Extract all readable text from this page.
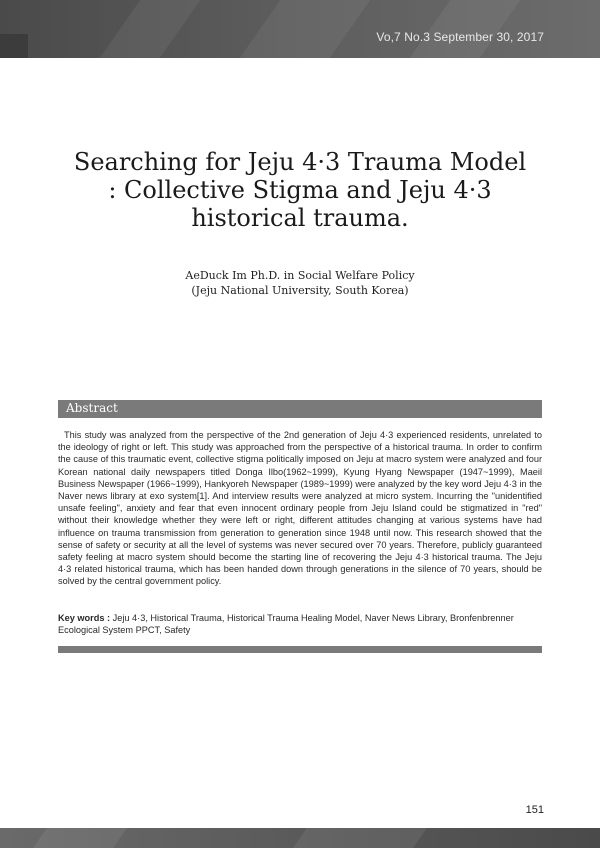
Vo,7 No.3 September 30, 2017
Searching for Jeju 4·3 Trauma Model
: Collective Stigma and Jeju 4·3
historical trauma.
AeDuck Im Ph.D. in Social Welfare Policy
(Jeju National University, South Korea)
Abstract

This study was analyzed from the perspective of the 2nd generation of Jeju 4·3 experienced residents, unrelated to the ideology of right or left. This study was approached from the perspective of a historical trauma. In order to confirm the cause of this traumatic event, collective stigma politically imposed on Jeju at macro system were analyzed and four Korean national daily newspapers titled Donga Ilbo(1962~1999), Kyung Hyang Newspaper (1947~1999), Maeil Business Newspaper (1966~1999), Hankyoreh Newspaper (1989~1999) were analyzed by the key word Jeju 4·3 in the Naver news library at exo system[1]. And interview results were analyzed at micro system. Incurring the "unidentified unsafe feeling", anxiety and fear that even innocent ordinary people from Jeju Island could be stigmatized in "red" without their knowledge whether they were left or right, different attitudes changing at various systems have had influence on trauma transmission from generation to generation since 1948 until now. This research showed that the sense of safety or security at all the level of systems was never secured over 70 years. Therefore, publicly guaranteed safety feeling at macro system should become the starting line of recovering the Jeju 4·3 historical trauma. The Jeju 4·3 related historical trauma, which has been handed down through generations in the silence of 70 years, should be solved by the central government policy.

Key words : Jeju 4·3, Historical Trauma, Historical Trauma Healing Model, Naver News Library, Bronfenbrenner Ecological System PPCT, Safety

151
